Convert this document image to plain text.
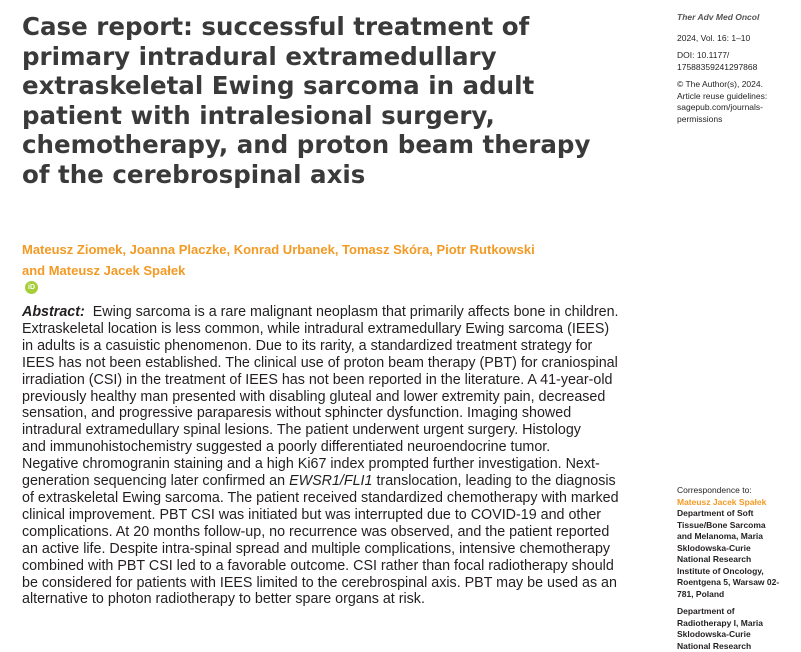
Case report: successful treatment of
primary intradural extramedullary
extraskeletal Ewing sarcoma in adult
patient with intralesional surgery,
chemotherapy, and proton beam therapy
of the cerebrospinal axis
Mateusz Ziomek, Joanna Placzke, Konrad Urbanek, Tomasz Skóra, Piotr Rutkowski
and Mateusz Jacek Spałek
iD
Abstract: Ewing sarcoma is a rare malignant neoplasm that primarily affects bone in children.
Extraskeletal location is less common, while intradural extramedullary Ewing sarcoma (IEES)
in adults is a casuistic phenomenon. Due to its rarity, a standardized treatment strategy for
IEES has not been established. The clinical use of proton beam therapy (PBT) for craniospinal
irradiation (CSI) in the treatment of IEES has not been reported in the literature. A 41-year-old
previously healthy man presented with disabling gluteal and lower extremity pain, decreased
sensation, and progressive paraparesis without sphincter dysfunction. Imaging showed
intradural extramedullary spinal lesions. The patient underwent urgent surgery. Histology
and immunohistochemistry suggested a poorly differentiated neuroendocrine tumor.
Negative chromogranin staining and a high Ki67 index prompted further investigation. Next-
generation sequencing later confirmed an EWSR1/FLI1 translocation, leading to the diagnosis
of extraskeletal Ewing sarcoma. The patient received standardized chemotherapy with marked
clinical improvement. PBT CSI was initiated but was interrupted due to COVID-19 and other
complications. At 20 months follow-up, no recurrence was observed, and the patient reported
an active life. Despite intra-spinal spread and multiple complications, intensive chemotherapy
combined with PBT CSI led to a favorable outcome. CSI rather than focal radiotherapy should
be considered for patients with IEES limited to the cerebrospinal axis. PBT may be used as an
alternative to photon radiotherapy to better spare organs at risk.
Ther Adv Med Oncol
2024, Vol. 16: 1–10
DOI: 10.1177/
17588359241297868
© The Author(s), 2024.
Article reuse guidelines:
sagepub.com/journals-
permissions
Correspondence to:
Mateusz Jacek Spałek
Department of Soft
Tissue/Bone Sarcoma
and Melanoma, Maria
Sklodowska-Curie
National Research
Institute of Oncology,
Roentgena 5, Warsaw 02-
781, Poland
Department of
Radiotherapy I, Maria
Sklodowska-Curie
National Research
